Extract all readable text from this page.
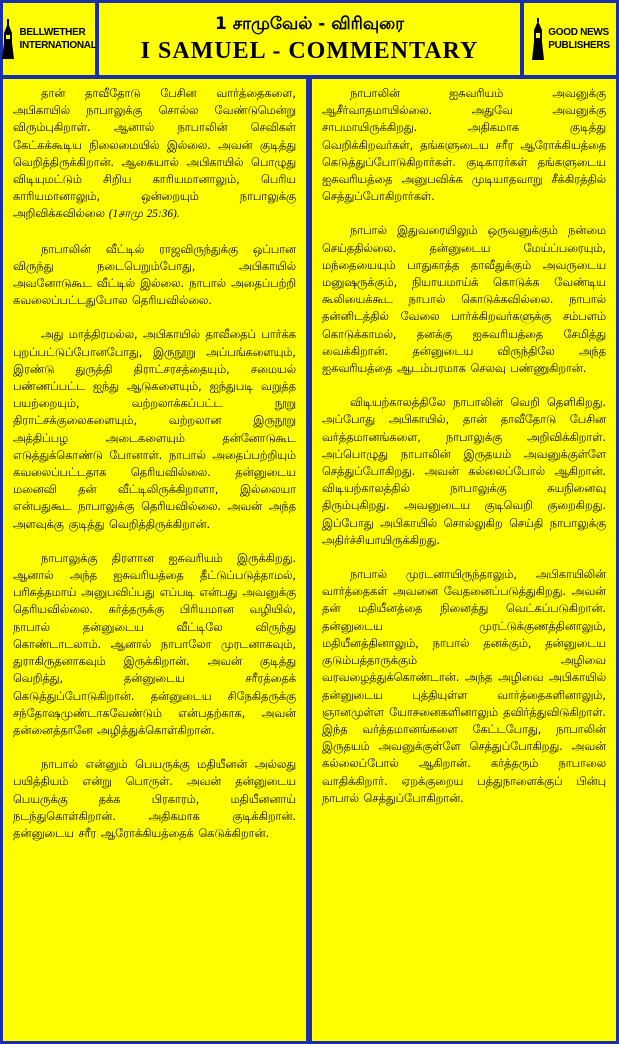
BELLWETHER
INTERNATIONAL
1 சாமுவேல் - விரிவுரை
I SAMUEL - COMMENTARY
GOOD NEWS
PUBLISHERS

தான் தாவீதோடு பேசின வார்த்தைகளை, அபிகாயில் நாபாலுக்கு சொல்ல வேண்டுமென்று விரும்புகிறாள். ஆனால் நாபாலின் செவிகள் கேட்கக்கூடிய நிலைமையில் இல்லை. அவன் குடித்து வெறித்திருக்கிறான். ஆகையால் அபிகாயில் பொழுது விடியுமட்டும் சிறிய காரியமானாலும், பெரிய காரியமானாலும், ஒன்றையும் நாபாலுக்கு அறிவிக்கவில்லை (1சாமு 25:36).

நாபாலின் வீட்டில் ராஜவிருந்துக்கு ஒப்பான விருந்து நடைபெறும்போது, அபிகாயில் அவனோடுகூட வீட்டில் இல்லை. நாபால் அதைப்பற்றி கவலைப்பட்டதுபோல தெரியவில்லை.

அது மாத்திரமல்ல, அபிகாயில் தாவீதைப் பார்க்க புறப்பட்டுப்போனபோது, இருநூறு அப்பங்களையும், இரண்டு துருத்தி திராட்சரசத்தையும், சமையல் பண்ணப்பட்ட ஐந்து ஆடுகளையும், ஐந்துபடி வறுத்த பயற்றையும், வற்றலாக்கப்பட்ட நூறு திராட்சக்குலைகளையும், வற்றலான இருநூறு அத்திப்பழ அடைகளையும் தன்னோடுகூட எடுத்துக்கொண்டு போனாள். நாபால் அதைப்பற்றியும் கவலைப்பட்டதாக தெரியவில்லை. தன்னுடைய மனைவி தன் வீட்டிலிருக்கிறாளா, இல்லையா என்பதுகூட நாபாலுக்கு தெரியவில்லை. அவன் அந்த அளவுக்கு குடித்து வெறித்திருக்கிறான்.

நாபாலுக்கு திரளான ஐசுவரியம் இருக்கிறது. ஆனால் அந்த ஐசுவரியத்தை தீட்டுப்படுத்தாமல், பரிசுத்தமாய் அனுபவிப்பது எப்படி என்பது அவனுக்கு தெரியவில்லை. கர்த்தருக்கு பிரியமான வழியில், நாபால் தன்னுடைய வீட்டிலே விருந்து கொண்டாடலாம். ஆனால் நாபாலோ முரடனாகவும், துராகிருதனாகவும் இருக்கிறான். அவன் குடித்து வெறித்து, தன்னுடைய சரீரத்தைக் கெடுத்துப்போடுகிறான். தன்னுடைய சிநேகிதருக்கு சந்தோஷமுண்டாகவேண்டும் என்பதற்காக, அவன் தன்னைத்தானே அழித்துக்கொள்கிறான்.

நாபால் என்னும் பெயருக்கு மதியீனன் அல்லது பயித்தியம் என்று பொருள். அவன் தன்னுடைய பெயருக்கு தக்க பிரகாரம், மதியீனனாய் நடந்துகொள்கிறான். அதிகமாக குடிக்கிறான். தன்னுடைய சரீர ஆரோக்கியத்தைக் கெடுக்கிறான்.

நாபாலின் ஐசுவரியம் அவனுக்கு ஆசீர்வாதமாயில்லை. அதுவே அவனுக்கு சாபமாயிருக்கிறது. அதிகமாக குடித்து வெறிக்கிறவர்கள், தங்களுடைய சரீர ஆரோக்கியத்தை கெடுத்துப்போடுகிறார்கள். குடிகாரர்கள் தங்களுடைய ஐசுவரியத்தை அனுபவிக்க முடியாதவாறு சீக்கிரத்தில் செத்துப்போகிறார்கள்.

நாபால் இதுவரையிலும் ஒருவனுக்கும் நன்மை செய்ததில்லை. தன்னுடைய மேய்ப்பரையும், மந்தையையும் பாதுகாத்த தாவீதுக்கும் அவருடைய மனுஷருக்கும், நியாயமாய்க் கொடுக்க வேண்டிய கூலியைக்கூட நாபால் கொடுக்கவில்லை. நாபால் தன்னிடத்தில் வேலை பார்க்கிறவர்களுக்கு சம்பளம் கொடுக்காமல், தனக்கு ஐசுவரியத்தை சேமித்து வைக்கிறான். தன்னுடைய விருந்திலே அந்த ஐசுவரியத்தை ஆடம்பரமாக செலவு பண்ணுகிறான்.

விடியற்காலத்திலே நாபாலின் வெறி தெளிகிறது. அப்போது அபிகாயில், தான் தாவீதோடு பேசின வர்த்தமானங்களை, நாபாலுக்கு அறிவிக்கிறாள். அப்பொழுது நாபாலின் இருதயம் அவனுக்குள்ளே செத்துப்போகிறது. அவன் கல்லைப்போல் ஆகிறான். விடியற்காலத்தில் நாபாலுக்கு சுயநினைவு திரும்புகிறது. அவனுடைய குடிவெறி குறைகிறது. இப்போது அபிகாயில் சொல்லுகிற செய்தி நாபாலுக்கு அதிர்ச்சியாயிருக்கிறது.

நாபால் முரடனாயிருந்தாலும், அபிகாயிலின் வார்த்தைகள் அவனை வேதனைப்படுத்துகிறது. அவன் தன் மதியீனத்தை நினைத்து வெட்கப்படுகிறான். தன்னுடைய முரட்டுக்குணத்தினாலும், மதியீனத்தினாலும், நாபால் தனக்கும், தன்னுடைய குடும்பத்தாருக்கும் அழிவை வரவழைத்துக்கொண்டான். அந்த அழிவை அபிகாயில் தன்னுடைய புத்தியுள்ள வார்த்தைகளினாலும், ஞானமுள்ள யோசனைகளினாலும் தவிர்த்துவிடுகிறாள். இந்த வர்த்தமானங்களை கேட்டபோது, நாபாலின் இருதயம் அவனுக்குள்ளே செத்துப்போகிறது. அவன் கல்லைப்போல் ஆகிறான். கர்த்தரும் நாபாலை வாதிக்கிறார். ஏறக்குறைய பத்துநாளைக்குப் பின்பு நாபால் செத்துப்போகிறான்.
